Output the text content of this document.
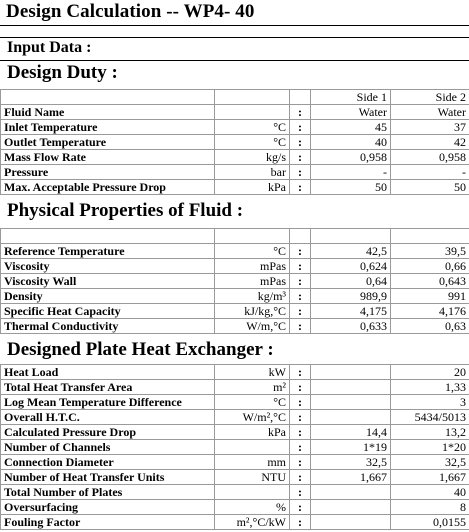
Design Calculation -- WP4- 40
Input Data :
Design Duty :
			Side 1	Side 2
Fluid Name		:	Water	Water
Inlet Temperature	°C	:	45	37
Outlet Temperature	°C	:	40	42
Mass Flow Rate	kg/s	:	0,958	0,958
Pressure	bar	:	-	-
Max. Acceptable Pressure Drop	kPa	:	50	50
Physical Properties of Fluid :

Reference Temperature	°C	:	42,5	39,5
Viscosity	mPas	:	0,624	0,66
Viscosity Wall	mPas	:	0,64	0,643
Density	kg/m³	:	989,9	991
Specific Heat Capacity	kJ/kg,°C	:	4,175	4,176
Thermal Conductivity	W/m,°C	:	0,633	0,63
Designed Plate Heat Exchanger :
Heat Load	kW	:		20
Total Heat Transfer Area	m²	:		1,33
Log Mean Temperature Difference	°C	:		3
Overall H.T.C.	W/m²,°C	:		5434/5013
Calculated Pressure Drop	kPa	:	14,4	13,2
Number of Channels		:	1*19	1*20
Connection Diameter	mm	:	32,5	32,5
Number of Heat Transfer Units	NTU	:	1,667	1,667
Total Number of Plates		:		40
Oversurfacing	%	:		8
Fouling Factor	m²,°C/kW	:		0,0155
